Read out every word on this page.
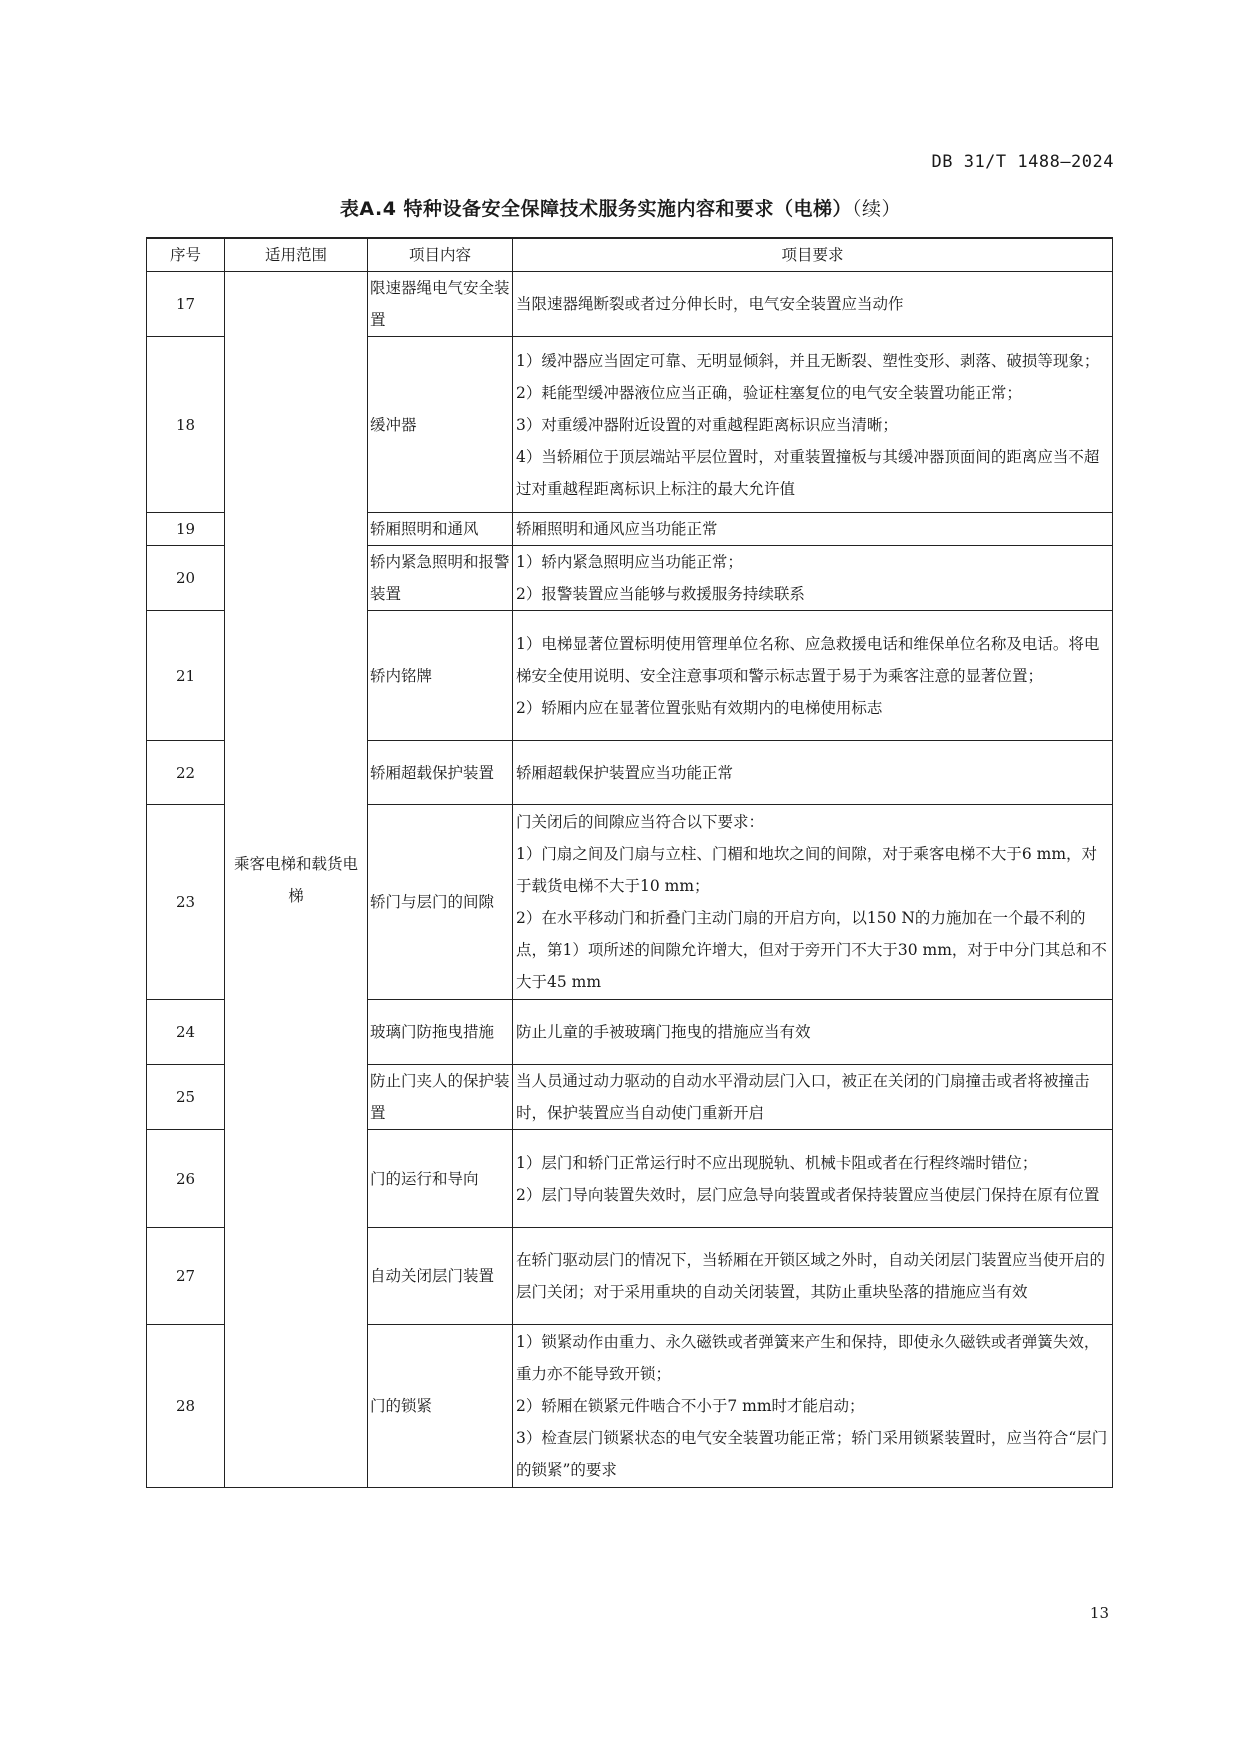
DB 31/T 1488—2024
表A.4 特种设备安全保障技术服务实施内容和要求（电梯）（续）
序号	适用范围	项目内容	项目要求
17	乘客电梯和载货电梯	限速器绳电气安全装置	当限速器绳断裂或者过分伸长时，电气安全装置应当动作

18		缓冲器	1）缓冲器应当固定可靠、无明显倾斜，并且无断裂、塑性变形、剥落、破损等现象；
2）耗能型缓冲器液位应当正确，验证柱塞复位的电气安全装置功能正常；
3）对重缓冲器附近设置的对重越程距离标识应当清晰；
4）当轿厢位于顶层端站平层位置时，对重装置撞板与其缓冲器顶面间的距离应当不超过对重越程距离标识上标注的最大允许值

19		轿厢照明和通风	轿厢照明和通风应当功能正常

20		轿内紧急照明和报警装置	1）轿内紧急照明应当功能正常；
2）报警装置应当能够与救援服务持续联系

21		轿内铭牌	1）电梯显著位置标明使用管理单位名称、应急救援电话和维保单位名称及电话。将电梯安全使用说明、安全注意事项和警示标志置于易于为乘客注意的显著位置；
2）轿厢内应在显著位置张贴有效期内的电梯使用标志

22		轿厢超载保护装置	轿厢超载保护装置应当功能正常

23		轿门与层门的间隙	门关闭后的间隙应当符合以下要求：
1）门扇之间及门扇与立柱、门楣和地坎之间的间隙，对于乘客电梯不大于6 mm，对于载货电梯不大于10 mm；
2）在水平移动门和折叠门主动门扇的开启方向，以150 N的力施加在一个最不利的点，第1）项所述的间隙允许增大，但对于旁开门不大于30 mm，对于中分门其总和不大于45 mm

24		玻璃门防拖曳措施	防止儿童的手被玻璃门拖曳的措施应当有效

25		防止门夹人的保护装置	当人员通过动力驱动的自动水平滑动层门入口，被正在关闭的门扇撞击或者将被撞击时，保护装置应当自动使门重新开启

26		门的运行和导向	1）层门和轿门正常运行时不应出现脱轨、机械卡阻或者在行程终端时错位；
2）层门导向装置失效时，层门应急导向装置或者保持装置应当使层门保持在原有位置

27		自动关闭层门装置	在轿门驱动层门的情况下，当轿厢在开锁区域之外时，自动关闭层门装置应当使开启的层门关闭；对于采用重块的自动关闭装置，其防止重块坠落的措施应当有效

28		门的锁紧	1）锁紧动作由重力、永久磁铁或者弹簧来产生和保持，即使永久磁铁或者弹簧失效，重力亦不能导致开锁；
2）轿厢在锁紧元件啮合不小于7 mm时才能启动；
3）检查层门锁紧状态的电气安全装置功能正常；轿门采用锁紧装置时，应当符合“层门的锁紧”的要求
13
